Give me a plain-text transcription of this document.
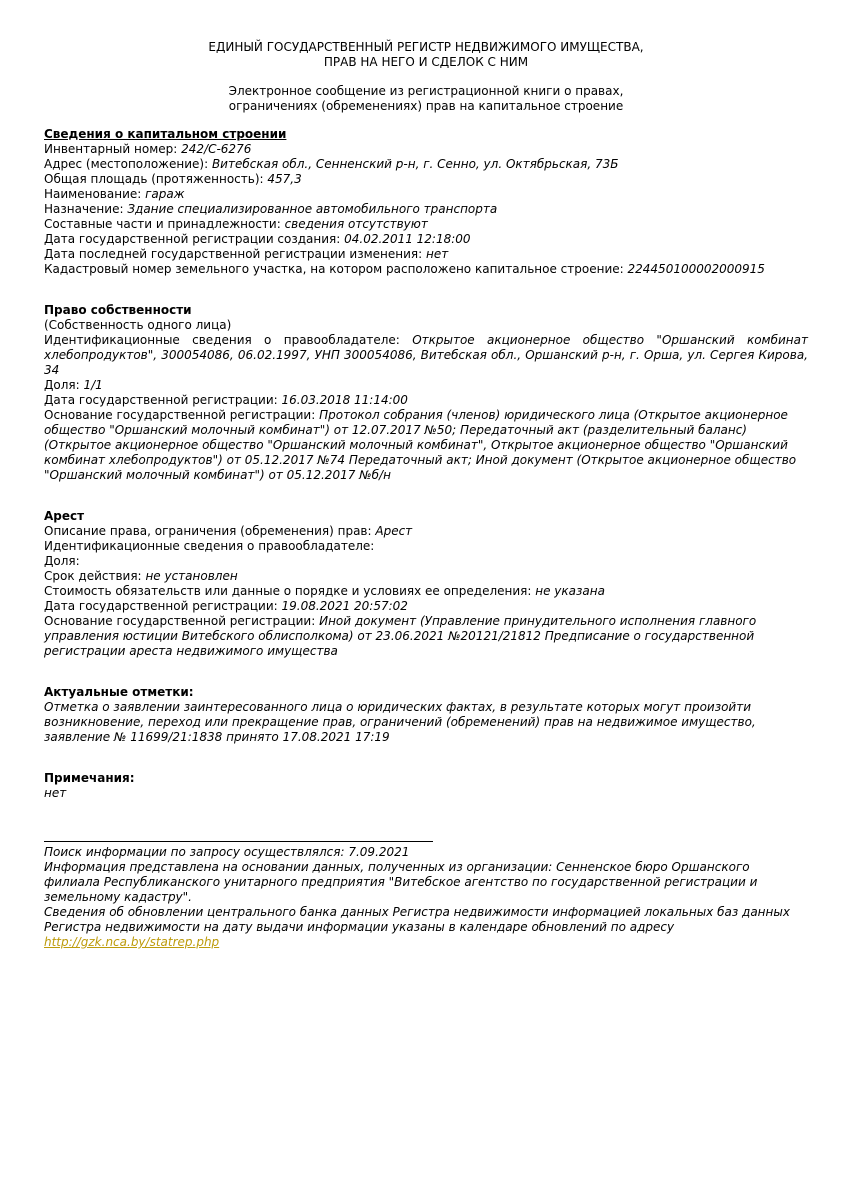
ЕДИНЫЙ ГОСУДАРСТВЕННЫЙ РЕГИСТР НЕДВИЖИМОГО ИМУЩЕСТВА,
ПРАВ НА НЕГО И СДЕЛОК С НИМ
Электронное сообщение из регистрационной книги о правах,
ограничениях (обременениях) прав на капитальное строение
Сведения о капитальном строении
Инвентарный номер: 242/С-6276
Адрес (местоположение): Витебская обл., Сенненский р-н, г. Сенно, ул. Октябрьская, 73Б
Общая площадь (протяженность): 457,3
Наименование: гараж
Назначение: Здание специализированное автомобильного транспорта
Составные части и принадлежности: сведения отсутствуют
Дата государственной регистрации создания: 04.02.2011 12:18:00
Дата последней государственной регистрации изменения: нет
Кадастровый номер земельного участка, на котором расположено капитальное строение: 224450100002000915
Право собственности
(Собственность одного лица)

Идентификационные сведения о правообладателе: Открытое акционерное общество "Оршанский комбинат хлебопродуктов", 300054086, 06.02.1997, УНП 300054086, Витебская обл., Оршанский р-н, г. Орша, ул. Сергея Кирова, 34

Доля: 1/1
Дата государственной регистрации: 16.03.2018 11:14:00

Основание государственной регистрации: Протокол собрания (членов) юридического лица (Открытое акционерное общество "Оршанский молочный комбинат") от 12.07.2017 №50; Передаточный акт (разделительный баланс) (Открытое акционерное общество "Оршанский молочный комбинат", Открытое акционерное общество "Оршанский комбинат хлебопродуктов") от 05.12.2017 №74 Передаточный акт; Иной документ (Открытое акционерное общество "Оршанский молочный комбинат") от 05.12.2017 №б/н

Арест
Описание права, ограничения (обременения) прав: Арест
Идентификационные сведения о правообладателе:
Доля:
Срок действия: не установлен
Стоимость обязательств или данные о порядке и условиях ее определения: не указана
Дата государственной регистрации: 19.08.2021 20:57:02

Основание государственной регистрации: Иной документ (Управление принудительного исполнения главного управления юстиции Витебского облисполкома) от 23.06.2021 №20121/21812 Предписание о государственной регистрации ареста недвижимого имущества

Актуальные отметки:

Отметка о заявлении заинтересованного лица о юридических фактах, в результате которых могут произойти возникновение, переход или прекращение прав, ограничений (обременений) прав на недвижимое имущество, заявление № 11699/21:1838 принято 17.08.2021 17:19

Примечания:
нет

Поиск информации по запросу осуществлялся: 7.09.2021

Информация представлена на основании данных, полученных из организации: Сенненское бюро Оршанского филиала Республиканского унитарного предприятия "Витебское агентство по государственной регистрации и земельному кадастру".

Сведения об обновлении центрального банка данных Регистра недвижимости информацией локальных баз данных Регистра недвижимости на дату выдачи информации указаны в календаре обновлений по адресу

http://gzk.nca.by/statrep.php
